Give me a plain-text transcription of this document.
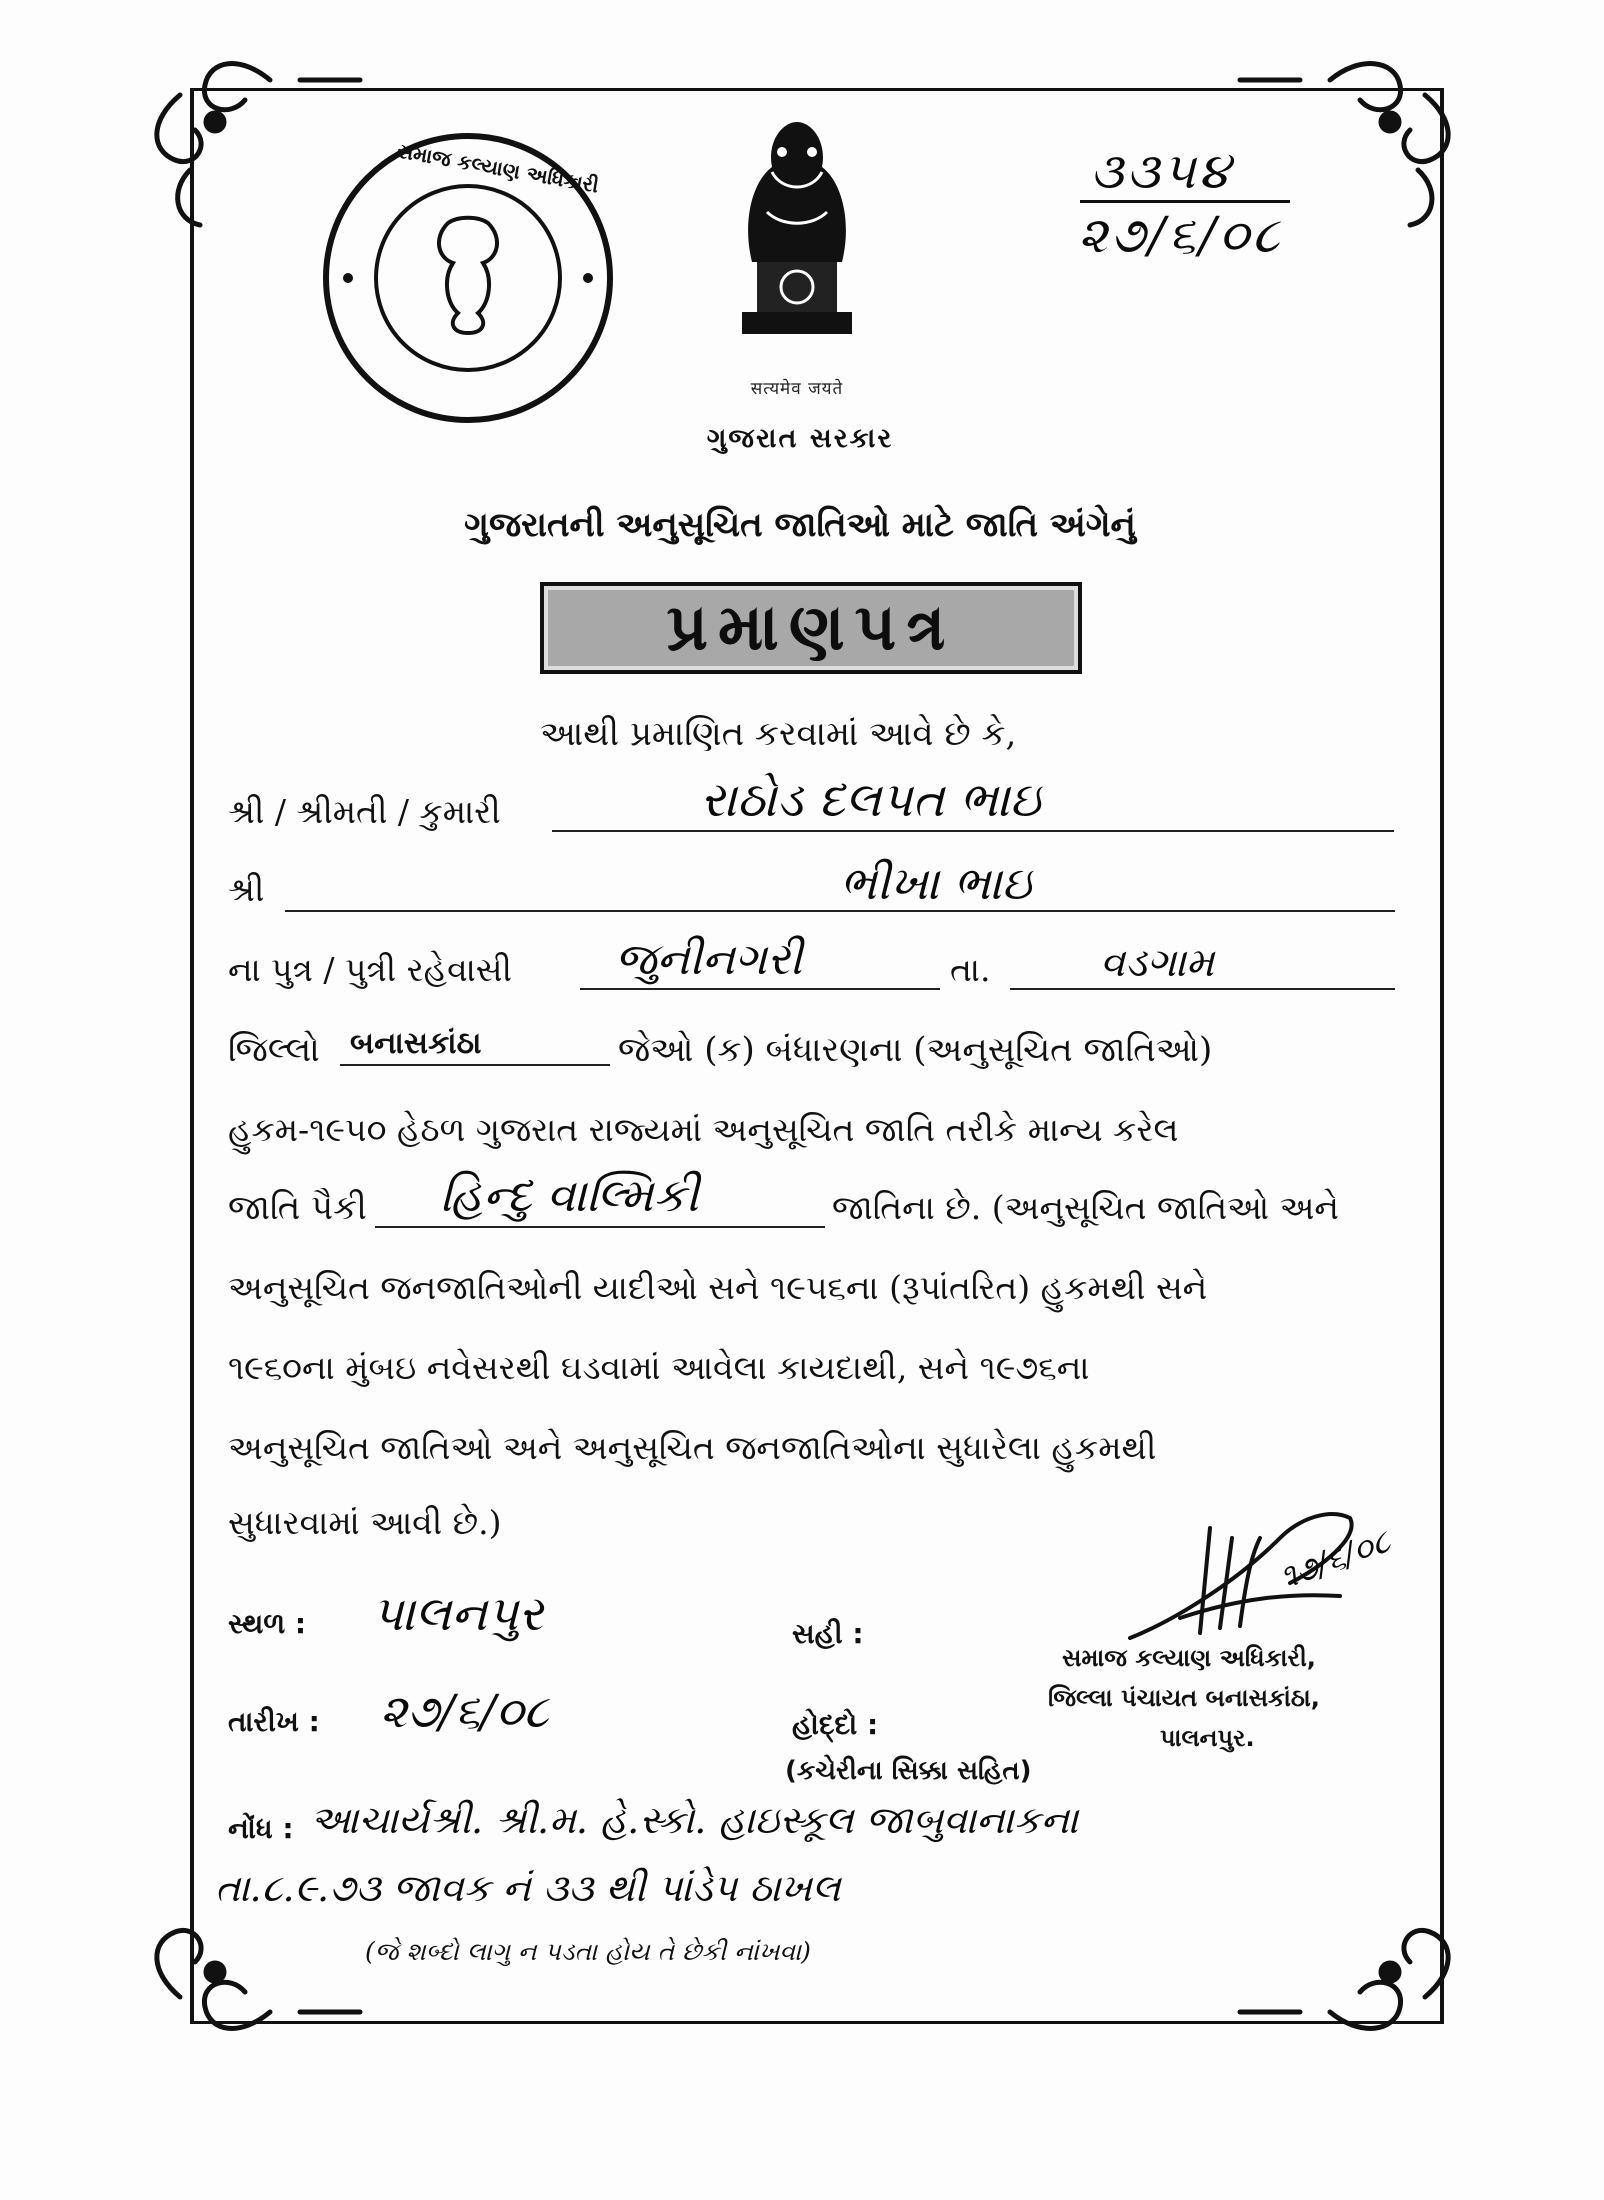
સમાજ કલ્યાણ અધિકારી
सत्यमेव जयते
૩૩૫૪
૨૭/૬/૦૮
ગુજરાત સરકાર
ગુજરાતની અનુસૂચિત જાતિઓ માટે જાતિ અંગેનું
પ્રમાણપત્ર
આથી પ્રમાણિત કરવામાં આવે છે કે,
શ્રી / શ્રીમતી / કુમારી	રાઠોડ દલપત ભાઇ
શ્રી	ભીખા ભાઇ
ના પુત્ર / પુત્રી રહેવાસી જુનીનગરી	તા.	વડગામ
જિલ્લો બનાસકાંઠા	જેઓ (ક) બંધારણના (અનુસૂચિત જાતિઓ)
હુકમ-૧૯૫૦ હેઠળ ગુજરાત રાજ્યમાં અનુસૂચિત જાતિ તરીકે માન્ય કરેલ
જાતિ પૈકી હિન્દુ વાલ્મિકી	જાતિના છે. (અનુસૂચિત જાતિઓ અને
અનુસૂચિત જનજાતિઓની યાદીઓ સને ૧૯૫૬ના (રૂપાંતરિત) હુકમથી સને
૧૯૬૦ના મુંબઇ નવેસરથી ઘડવામાં આવેલા કાયદાથી, સને ૧૯૭૬ના
અનુસૂચિત જાતિઓ અને અનુસૂચિત જનજાતિઓના સુધારેલા હુકમથી
સુધારવામાં આવી છે.)
સ્થળ : પાલનપુર
તારીખ : ૨૭/૬/૦૮
સહી :
હોદ્દો :
(કચેરીના સિક્કા સહિત)
૧૭/૬/૦૮
સમાજ કલ્યાણ અધિકારી,
જિલ્લા પંચાયત બનાસકાંઠા,
પાલનપુર.
નોંધ : આચાર્યશ્રી. શ્રી.મ. હે.સ્કો. હાઇસ્કૂલ જાબુવાનાકના
તા.૮.૯.૭૩ જાવક નં ૩૩ થી પાંડેપ ઠાખલ
(જે શબ્દો લાગુ ન પડતા હોય તે છેકી નાંખવા)
